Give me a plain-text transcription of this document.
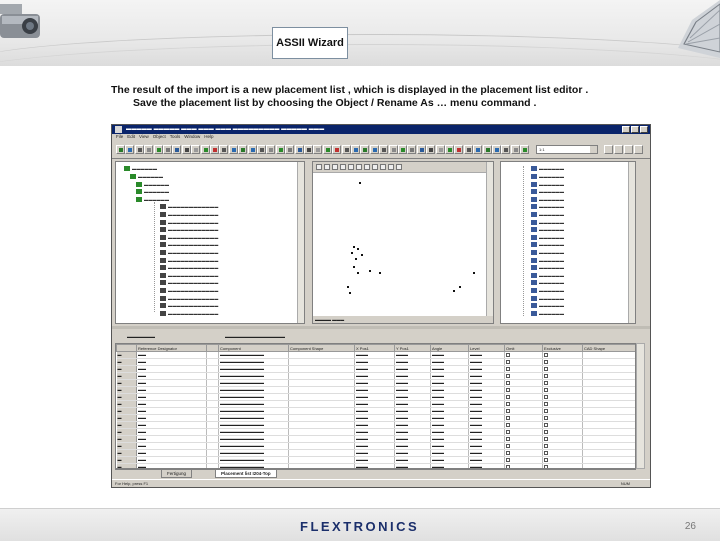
ASSII Wizard
The result of the import is a new placement list , which is displayed in the placement list editor .
Save the placement list by choosing the Object / Rename As … menu command .
▬▬▬▬▬ ▬▬▬▬▬ ▬▬▬ ▬▬▬ ▬▬▬ ▬▬▬▬▬▬▬▬▬ ▬▬▬▬▬ ▬▬▬
File Edit View Object Tools Window Help
1:1
▬▬▬▬▬▬
▬▬▬▬▬▬
▬▬▬▬▬▬
▬▬▬▬▬▬
▬▬▬▬▬▬
▬▬▬▬▬▬▬▬▬▬▬▬
▬▬▬▬▬▬▬▬▬▬▬▬
▬▬▬▬▬▬▬▬▬▬▬▬
▬▬▬▬▬▬▬▬▬▬▬▬
▬▬▬▬▬▬▬▬▬▬▬▬
▬▬▬▬▬▬▬▬▬▬▬▬
▬▬▬▬▬▬▬▬▬▬▬▬
▬▬▬▬▬▬▬▬▬▬▬▬
▬▬▬▬▬▬▬▬▬▬▬▬
▬▬▬▬▬▬▬▬▬▬▬▬
▬▬▬▬▬▬▬▬▬▬▬▬
▬▬▬▬▬▬▬▬▬▬▬▬
▬▬▬▬▬▬▬▬▬▬▬▬
▬▬▬▬▬▬▬▬▬▬▬▬
▬▬▬▬▬▬▬▬▬▬▬▬
▬▬▬▬ ▬▬▬
▬▬▬▬▬▬
▬▬▬▬▬▬
▬▬▬▬▬▬
▬▬▬▬▬▬
▬▬▬▬▬▬
▬▬▬▬▬▬
▬▬▬▬▬▬
▬▬▬▬▬▬
▬▬▬▬▬▬
▬▬▬▬▬▬
▬▬▬▬▬▬
▬▬▬▬▬▬
▬▬▬▬▬▬
▬▬▬▬▬▬
▬▬▬▬▬▬
▬▬▬▬▬▬
▬▬▬▬▬▬
▬▬▬▬▬▬
▬▬▬▬▬▬
▬▬▬▬▬▬
▬▬▬▬▬▬▬	▬▬▬▬▬▬▬▬▬▬▬▬▬▬▬
	Reference Designator		Component	Component Shape	X Pos1	Y Pos1	Angle	Level	Omit	Exclusive	CAD Shape
▬	▬▬		▬▬▬▬▬▬▬▬▬▬▬		▬▬▬	▬▬▬	▬▬▬	▬▬▬			
▬	▬▬		▬▬▬▬▬▬▬▬▬▬▬		▬▬▬	▬▬▬	▬▬▬	▬▬▬			
▬	▬▬		▬▬▬▬▬▬▬▬▬▬▬		▬▬▬	▬▬▬	▬▬▬	▬▬▬			
▬	▬▬		▬▬▬▬▬▬▬▬▬▬▬		▬▬▬	▬▬▬	▬▬▬	▬▬▬			
▬	▬▬		▬▬▬▬▬▬▬▬▬▬▬		▬▬▬	▬▬▬	▬▬▬	▬▬▬			
▬	▬▬		▬▬▬▬▬▬▬▬▬▬▬		▬▬▬	▬▬▬	▬▬▬	▬▬▬			
▬	▬▬		▬▬▬▬▬▬▬▬▬▬▬		▬▬▬	▬▬▬	▬▬▬	▬▬▬			
▬	▬▬		▬▬▬▬▬▬▬▬▬▬▬		▬▬▬	▬▬▬	▬▬▬	▬▬▬			
▬	▬▬		▬▬▬▬▬▬▬▬▬▬▬		▬▬▬	▬▬▬	▬▬▬	▬▬▬			
▬	▬▬		▬▬▬▬▬▬▬▬▬▬▬		▬▬▬	▬▬▬	▬▬▬	▬▬▬			
▬	▬▬		▬▬▬▬▬▬▬▬▬▬▬		▬▬▬	▬▬▬	▬▬▬	▬▬▬			
▬	▬▬		▬▬▬▬▬▬▬▬▬▬▬		▬▬▬	▬▬▬	▬▬▬	▬▬▬			
▬	▬▬		▬▬▬▬▬▬▬▬▬▬▬		▬▬▬	▬▬▬	▬▬▬	▬▬▬			
▬	▬▬		▬▬▬▬▬▬▬▬▬▬▬		▬▬▬	▬▬▬	▬▬▬	▬▬▬			
▬	▬▬		▬▬▬▬▬▬▬▬▬▬▬		▬▬▬	▬▬▬	▬▬▬	▬▬▬			
▬	▬▬		▬▬▬▬▬▬▬▬▬▬▬		▬▬▬	▬▬▬	▬▬▬	▬▬▬			
▬	▬▬		▬▬▬▬▬▬▬▬▬▬▬		▬▬▬	▬▬▬	▬▬▬	▬▬▬			
Fertigung	Placement list I204-Top
For Help, press F1	NUM
FLEXTRONICS	26
